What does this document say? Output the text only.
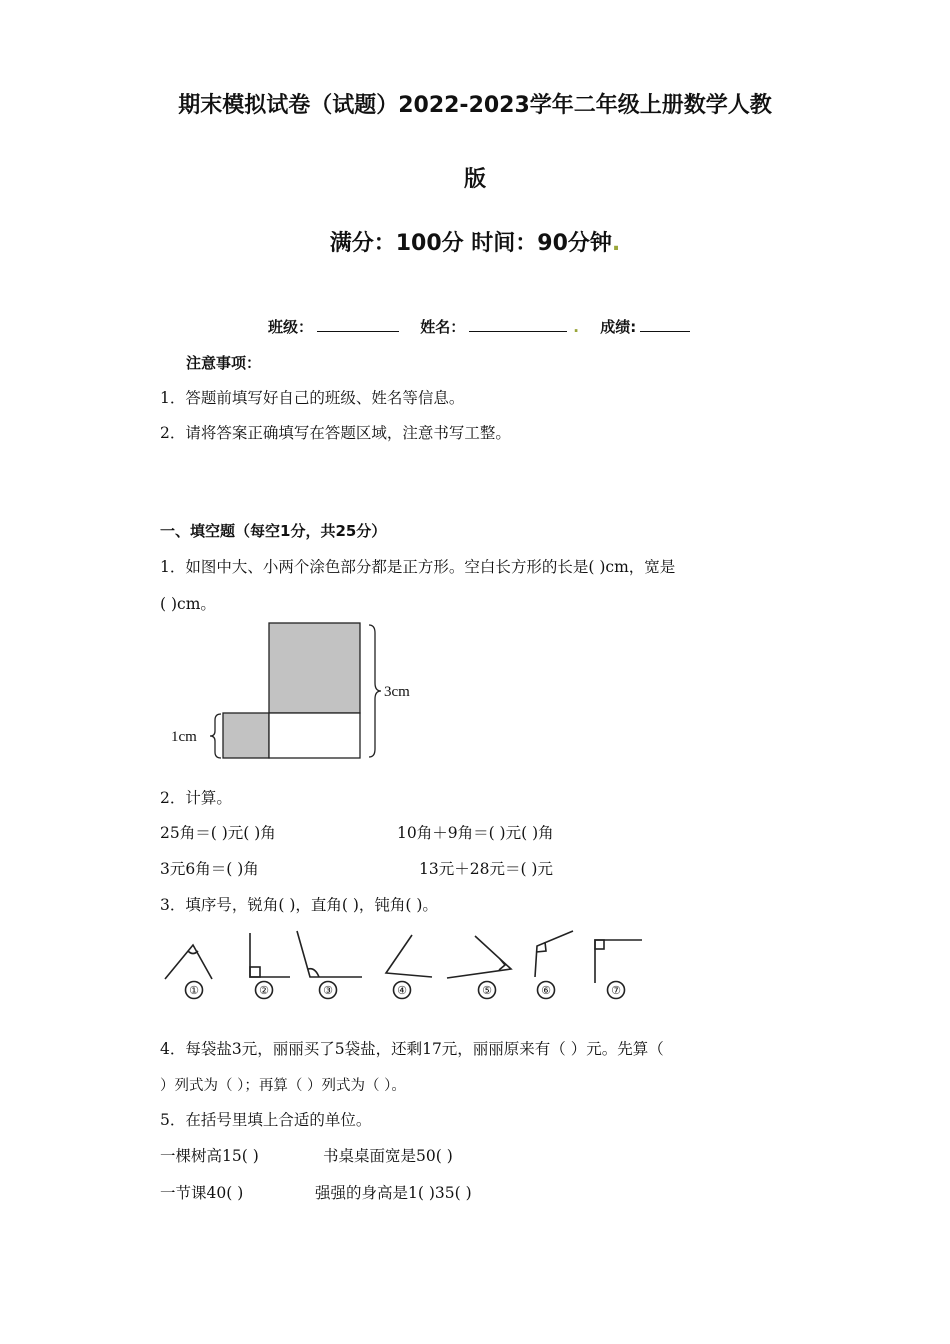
期末模拟试卷（试题）2022-2023学年二年级上册数学人教
版
满分：100分 时间：90分钟.
班级：	姓名：	. 成绩:
注意事项：
1．答题前填写好自己的班级、姓名等信息。
2．请将答案正确填写在答题区域，注意书写工整。
一、填空题（每空1分，共25分）
1．如图中大、小两个涂色部分都是正方形。空白长方形的长是( )cm，宽是
( )cm。
3cm
1cm
2．计算。
25角＝( )元( )角	10角＋9角＝( )元( )角
3元6角＝( )角	13元＋28元＝( )元
3．填序号，锐角( )，直角( )，钝角( )。
①	②	③	④	⑤	⑥	⑦
4．每袋盐3元，丽丽买了5袋盐，还剩17元，丽丽原来有（ ）元。先算（
）列式为（ ）；再算（ ）列式为（ ）。
5．在括号里填上合适的单位。
一棵树高15( )	书桌桌面宽是50( )
一节课40( )	强强的身高是1( )35( )
